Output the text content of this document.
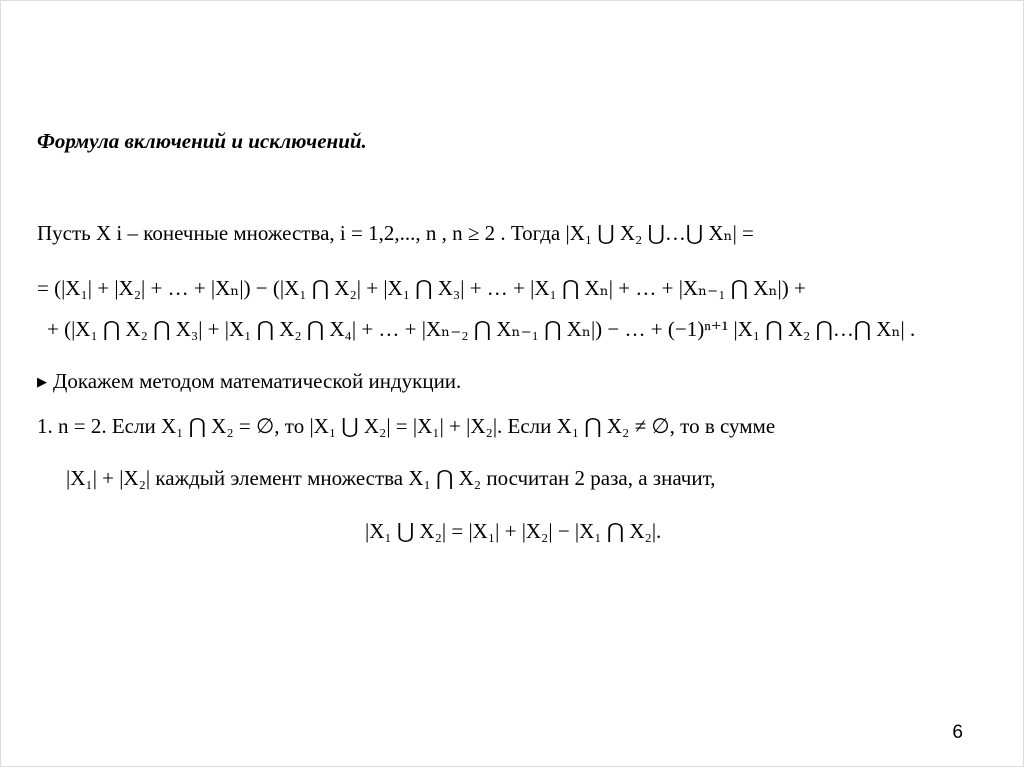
Формула включений и исключений.
Пусть X i – конечные множества, i = 1,2,..., n , n ≥ 2 . Тогда |X₁ ⋃ X₂ ⋃…⋃ Xₙ| =
= (|X₁| + |X₂| + … + |Xₙ|) − (|X₁ ⋂ X₂| + |X₁ ⋂ X₃| + … + |X₁ ⋂ Xₙ| + … + |Xₙ₋₁ ⋂ Xₙ|) +
+ (|X₁ ⋂ X₂ ⋂ X₃| + |X₁ ⋂ X₂ ⋂ X₄| + … + |Xₙ₋₂ ⋂ Xₙ₋₁ ⋂ Xₙ|) − … + (−1)ⁿ⁺¹ |X₁ ⋂ X₂ ⋂…⋂ Xₙ| .
▶ Докажем методом математической индукции.
1. n = 2. Если X₁ ⋂ X₂ = ∅, то |X₁ ⋃ X₂| = |X₁| + |X₂|. Если X₁ ⋂ X₂ ≠ ∅, то в сумме
|X₁| + |X₂| каждый элемент множества X₁ ⋂ X₂ посчитан 2 раза, а значит,
|X₁ ⋃ X₂| = |X₁| + |X₂| − |X₁ ⋂ X₂|.
6
